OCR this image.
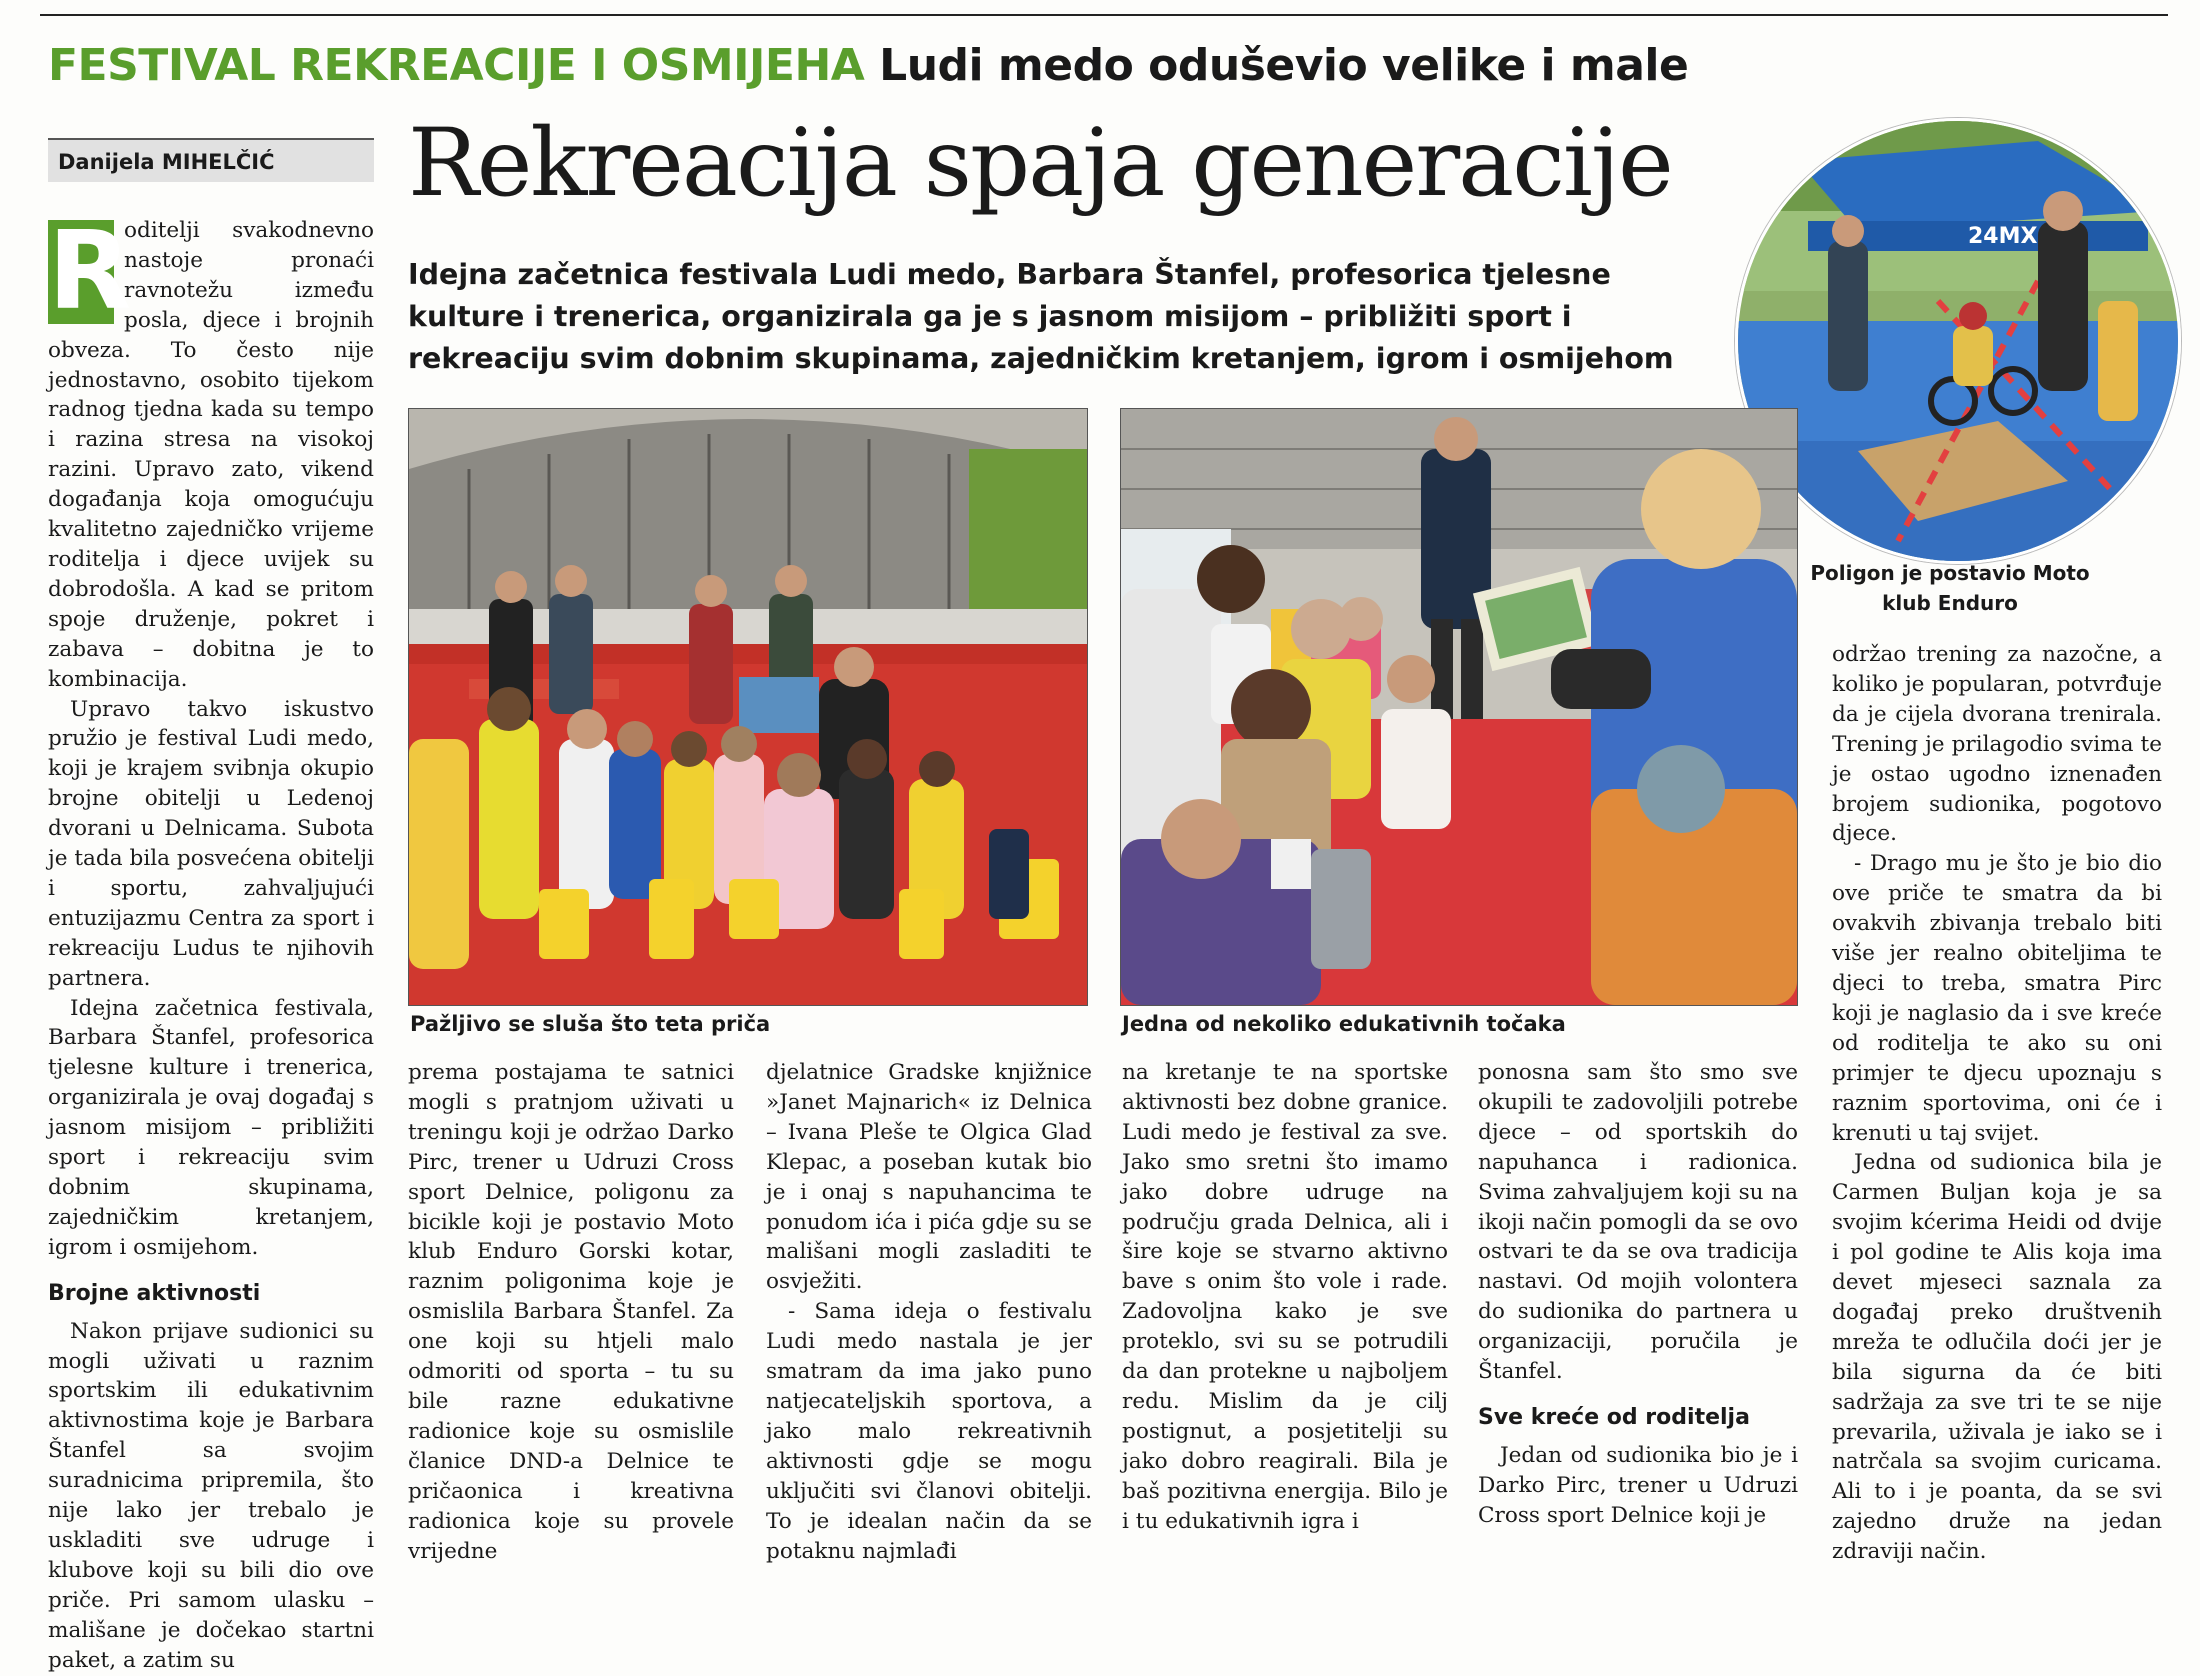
FESTIVAL REKREACIJE I OSMIJEHA Ludi medo oduševio velike i male
Danijela MIHELČIĆ	Rekreacija spaja generacije
Idejna začetnica festivala Ludi medo, Barbara Štanfel, profesorica tjelesne
kulture i trenerica, organizirala ga je s jasnom misijom – približiti sport i
rekreaciju svim dobnim skupinama, zajedničkim kretanjem, igrom i osmijehom
24MX
Poligon je postavio Moto klub Enduro
R

oditelji svakodnevno nastoje pronaći ravnotežu između posla, djece i brojnih obveza. To često nije jednostavno, osobito tijekom radnog tjedna kada su tempo i razina stresa na visokoj razini. Upravo zato, vikend događanja koja omogućuju kvalitetno zajedničko vrijeme roditelja i djece uvijek su dobrodošla. A kad se pritom spoje druženje, pokret i zabava – dobitna je to kombinacija.

Upravo takvo iskustvo pružio je festival Ludi medo, koji je krajem svibnja okupio brojne obitelji u Ledenoj dvorani u Delnicama. Subota je tada bila posvećena obitelji i sportu, zahvaljujući entuzijazmu Centra za sport i rekreaciju Ludus te njihovih partnera.

Idejna začetnica festivala, Barbara Štanfel, profesorica tjelesne kulture i trenerica, organizirala je ovaj događaj s jasnom misijom – približiti sport i rekreaciju svim dobnim skupinama, zajedničkim kretanjem, igrom i osmijehom.

Brojne aktivnosti

Nakon prijave sudionici su mogli uživati u raznim sportskim ili edukativnim aktivnostima koje je Barbara Štanfel sa svojim suradnicima pripremila, što nije lako jer trebalo je uskladiti sve udruge i klubove koji su bili dio ove priče. Pri samom ulasku – mališane je dočekao startni paket, a zatim su

Pažljivo se sluša što teta priča	Jedna od nekoliko edukativnih točaka

prema postajama te satnici mogli s pratnjom uživati u treningu koji je održao Darko Pirc, trener u Udruzi Cross sport Delnice, poligonu za bicikle koji je postavio Moto klub Enduro Gorski kotar, raznim poligonima koje je osmislila Barbara Štanfel. Za one koji su htjeli malo odmoriti od sporta – tu su bile razne edukativne radionice koje su osmislile članice DND-a Delnice te pričaonica i kreativna radionica koje su provele vrijedne

djelatnice Gradske knjižnice »Janet Majnarich« iz Delnica – Ivana Pleše te Olgica Glad Klepac, a poseban kutak bio je i onaj s napuhancima te ponudom ića i pića gdje su se mališani mogli zasladiti te osvježiti.

- Sama ideja o festivalu Ludi medo nastala je jer smatram da ima jako puno natjecateljskih sportova, a jako malo rekreativnih aktivnosti gdje se mogu uključiti svi članovi obitelji. To je idealan način da se potaknu najmlađi

na kretanje te na sportske aktivnosti bez dobne granice. Ludi medo je festival za sve. Jako smo sretni što imamo jako dobre udruge na području grada Delnica, ali i šire koje se stvarno aktivno bave s onim što vole i rade. Zadovoljna kako je sve proteklo, svi su se potrudili da dan protekne u najboljem redu. Mislim da je cilj postignut, a posjetitelji su jako dobro reagirali. Bila je baš pozitivna energija. Bilo je i tu edukativnih igra i

ponosna sam što smo sve okupili te zadovoljili potrebe djece – od sportskih do napuhanca i radionica. Svima zahvaljujem koji su na ikoji način pomogli da se ovo ostvari te da se ova tradicija nastavi. Od mojih volontera do sudionika do partnera u organizaciji, poručila je Štanfel.

Sve kreće od roditelja

Jedan od sudionika bio je i Darko Pirc, trener u Udruzi Cross sport Delnice koji je

održao trening za nazočne, a koliko je popularan, potvrđuje da je cijela dvorana trenirala. Trening je prilagodio svima te je ostao ugodno iznenađen brojem sudionika, pogotovo djece.

- Drago mu je što je bio dio ove priče te smatra da bi ovakvih zbivanja trebalo biti više jer realno obiteljima te djeci to treba, smatra Pirc koji je naglasio da i sve kreće od roditelja te ako su oni primjer te djecu upoznaju s raznim sportovima, oni će i krenuti u taj svijet.

Jedna od sudionica bila je Carmen Buljan koja je sa svojim kćerima Heidi od dvije i pol godine te Alis koja ima devet mjeseci saznala za događaj preko društvenih mreža te odlučila doći jer je bila sigurna da će biti sadržaja za sve tri te se nije prevarila, uživala je iako se i natrčala sa svojim curicama. Ali to i je poanta, da se svi zajedno druže na jedan zdraviji način.
